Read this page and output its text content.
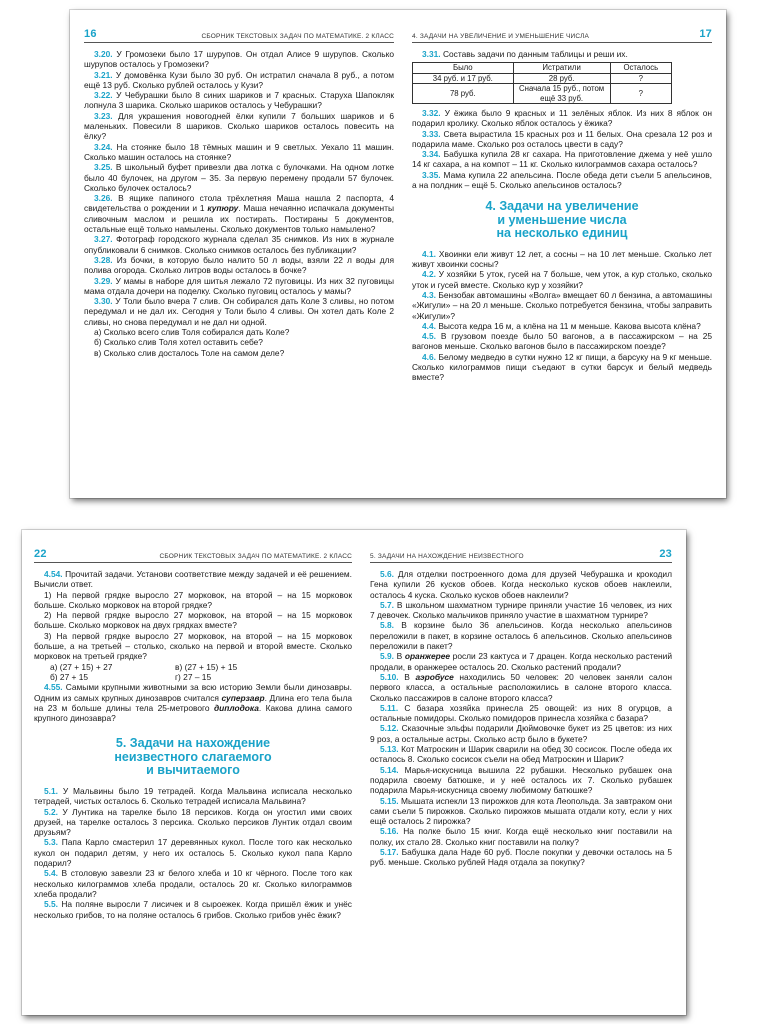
16	СБОРНИК ТЕКСТОВЫХ ЗАДАЧ ПО МАТЕМАТИКЕ. 2 КЛАСС

3.20. У Громозеки было 17 шурупов. Он отдал Алисе 9 шурупов. Сколько шурупов осталось у Громозеки?

3.21. У домовёнка Кузи было 30 руб. Он истратил сначала 8 руб., а потом ещё 13 руб. Сколько рублей осталось у Кузи?

3.22. У Чебурашки было 8 синих шариков и 7 красных. Старуха Шапокляк лопнула 3 шарика. Сколько шариков осталось у Чебурашки?

3.23. Для украшения новогодней ёлки купили 7 больших шариков и 6 маленьких. Повесили 8 шариков. Сколько шариков осталось повесить на ёлку?

3.24. На стоянке было 18 тёмных машин и 9 светлых. Уехало 11 машин. Сколько машин осталось на стоянке?

3.25. В школьный буфет привезли два лотка с булочками. На одном лотке было 40 булочек, на другом – 35. За первую перемену продали 57 булочек. Сколько булочек осталось?

3.26. В ящике папиного стола трёхлетняя Маша нашла 2 паспорта, 4 свидетельства о рождении и 1 купюру. Маша нечаянно испачкала документы сливочным маслом и решила их постирать. Постираны 5 документов, остальные ещё только намылены. Сколько документов только намылено?

3.27. Фотограф городского журнала сделал 35 снимков. Из них в журнале опубликовали 6 снимков. Сколько снимков осталось без публикации?

3.28. Из бочки, в которую было налито 50 л воды, взяли 22 л воды для полива огорода. Сколько литров воды осталось в бочке?

3.29. У мамы в наборе для шитья лежало 72 пуговицы. Из них 32 пуговицы мама отдала дочери на поделку. Сколько пуговиц осталось у мамы?

3.30. У Толи было вчера 7 слив. Он собирался дать Коле 3 сливы, но потом передумал и не дал их. Сегодня у Толи было 4 сливы. Он хотел дать Коле 2 сливы, но снова передумал и не дал ни одной.

а) Сколько всего слив Толя собирался дать Коле?

б) Сколько слив Толя хотел оставить себе?

в) Сколько слив досталось Толе на самом деле?

4. ЗАДАЧИ НА УВЕЛИЧЕНИЕ И УМЕНЬШЕНИЕ ЧИСЛА	17

3.31. Составь задачи по данным таблицы и реши их.

Было	Истратили	Осталось
34 руб. и 17 руб.	28 руб.	?
78 руб.	Сначала 15 руб., потом ещё 33 руб.	?

3.32. У ёжика было 9 красных и 11 зелёных яблок. Из них 8 яблок он подарил кролику. Сколько яблок осталось у ёжика?

3.33. Света вырастила 15 красных роз и 11 белых. Она срезала 12 роз и подарила маме. Сколько роз осталось цвести в саду?

3.34. Бабушка купила 28 кг сахара. На приготовление джема у неё ушло 14 кг сахара, а на компот – 11 кг. Сколько килограммов сахара осталось?

3.35. Мама купила 22 апельсина. После обеда дети съели 5 апельсинов, а на полдник – ещё 5. Сколько апельсинов осталось?

4. Задачи на увеличение
и уменьшение числа
на несколько единиц

4.1. Хвоинки ели живут 12 лет, а сосны – на 10 лет меньше. Сколько лет живут хвоинки сосны?

4.2. У хозяйки 5 уток, гусей на 7 больше, чем уток, а кур столько, сколько уток и гусей вместе. Сколько кур у хозяйки?

4.3. Бензобак автомашины «Волга» вмещает 60 л бензина, а автомашины «Жигули» – на 20 л меньше. Сколько потребуется бензина, чтобы заправить «Жигули»?

4.4. Высота кедра 16 м, а клёна на 11 м меньше. Какова высота клёна?

4.5. В грузовом поезде было 50 вагонов, а в пассажирском – на 25 вагонов меньше. Сколько вагонов было в пассажирском поезде?

4.6. Белому медведю в сутки нужно 12 кг пищи, а барсуку на 9 кг меньше. Сколько килограммов пищи съедают в сутки барсук и белый медведь вместе?

22	СБОРНИК ТЕКСТОВЫХ ЗАДАЧ ПО МАТЕМАТИКЕ. 2 КЛАСС

4.54. Прочитай задачи. Установи соответствие между задачей и её решением. Вычисли ответ.

1) На первой грядке выросло 27 морковок, на второй – на 15 морковок больше. Сколько морковок на второй грядке?

2) На первой грядке выросло 27 морковок, на второй – на 15 морковок больше. Сколько морковок на двух грядках вместе?

3) На первой грядке выросло 27 морковок, на второй – на 15 морковок больше, а на третьей – столько, сколько на первой и второй вместе. Сколько морковок на третьей грядке?

а) (27 + 15) + 27	в) (27 + 15) + 15
б) 27 + 15	г) 27 – 15

4.55. Самыми крупными животными за всю историю Земли были динозавры. Одним из самых крупных динозавров считался суперзавр. Длина его тела была на 23 м больше длины тела 25-метрового диплодока. Какова длина самого крупного динозавра?

5. Задачи на нахождение
неизвестного слагаемого
и вычитаемого

5.1. У Мальвины было 19 тетрадей. Когда Мальвина исписала несколько тетрадей, чистых осталось 6. Сколько тетрадей исписала Мальвина?

5.2. У Лунтика на тарелке было 18 персиков. Когда он угостил ими своих друзей, на тарелке осталось 3 персика. Сколько персиков Лунтик отдал своим друзьям?

5.3. Папа Карло смастерил 17 деревянных кукол. После того как несколько кукол он подарил детям, у него их осталось 5. Сколько кукол папа Карло подарил?

5.4. В столовую завезли 23 кг белого хлеба и 10 кг чёрного. После того как несколько килограммов хлеба продали, осталось 20 кг. Сколько килограммов хлеба продали?

5.5. На поляне выросли 7 лисичек и 8 сыроежек. Когда пришёл ёжик и унёс несколько грибов, то на поляне осталось 6 грибов. Сколько грибов унёс ёжик?

5. ЗАДАЧИ НА НАХОЖДЕНИЕ НЕИЗВЕСТНОГО	23

5.6. Для отделки построенного дома для друзей Чебурашка и крокодил Гена купили 26 кусков обоев. Когда несколько кусков обоев наклеили, осталось 4 куска. Сколько кусков обоев наклеили?

5.7. В школьном шахматном турнире приняли участие 16 человек, из них 7 девочек. Сколько мальчиков приняло участие в шахматном турнире?

5.8. В корзине было 36 апельсинов. Когда несколько апельсинов переложили в пакет, в корзине осталось 6 апельсинов. Сколько апельсинов переложили в пакет?

5.9. В оранжерее росли 23 кактуса и 7 драцен. Когда несколько растений продали, в оранжерее осталось 20. Сколько растений продали?

5.10. В аэробусе находились 50 человек: 20 человек заняли салон первого класса, а остальные расположились в салоне второго класса. Сколько пассажиров в салоне второго класса?

5.11. С базара хозяйка принесла 25 овощей: из них 8 огурцов, а остальные помидоры. Сколько помидоров принесла хозяйка с базара?

5.12. Сказочные эльфы подарили Дюймовочке букет из 25 цветов: из них 9 роз, а остальные астры. Сколько астр было в букете?

5.13. Кот Матроскин и Шарик сварили на обед 30 сосисок. После обеда их осталось 8. Сколько сосисок съели на обед Матроскин и Шарик?

5.14. Марья-искусница вышила 22 рубашки. Несколько рубашек она подарила своему батюшке, и у неё осталось их 7. Сколько рубашек подарила Марья-искусница своему любимому батюшке?

5.15. Мышата испекли 13 пирожков для кота Леопольда. За завтраком они сами съели 5 пирожков. Сколько пирожков мышата отдали коту, если у них ещё осталось 2 пирожка?

5.16. На полке было 15 книг. Когда ещё несколько книг поставили на полку, их стало 28. Сколько книг поставили на полку?

5.17. Бабушка дала Наде 60 руб. После покупки у девочки осталось на 5 руб. меньше. Сколько рублей Надя отдала за покупку?
